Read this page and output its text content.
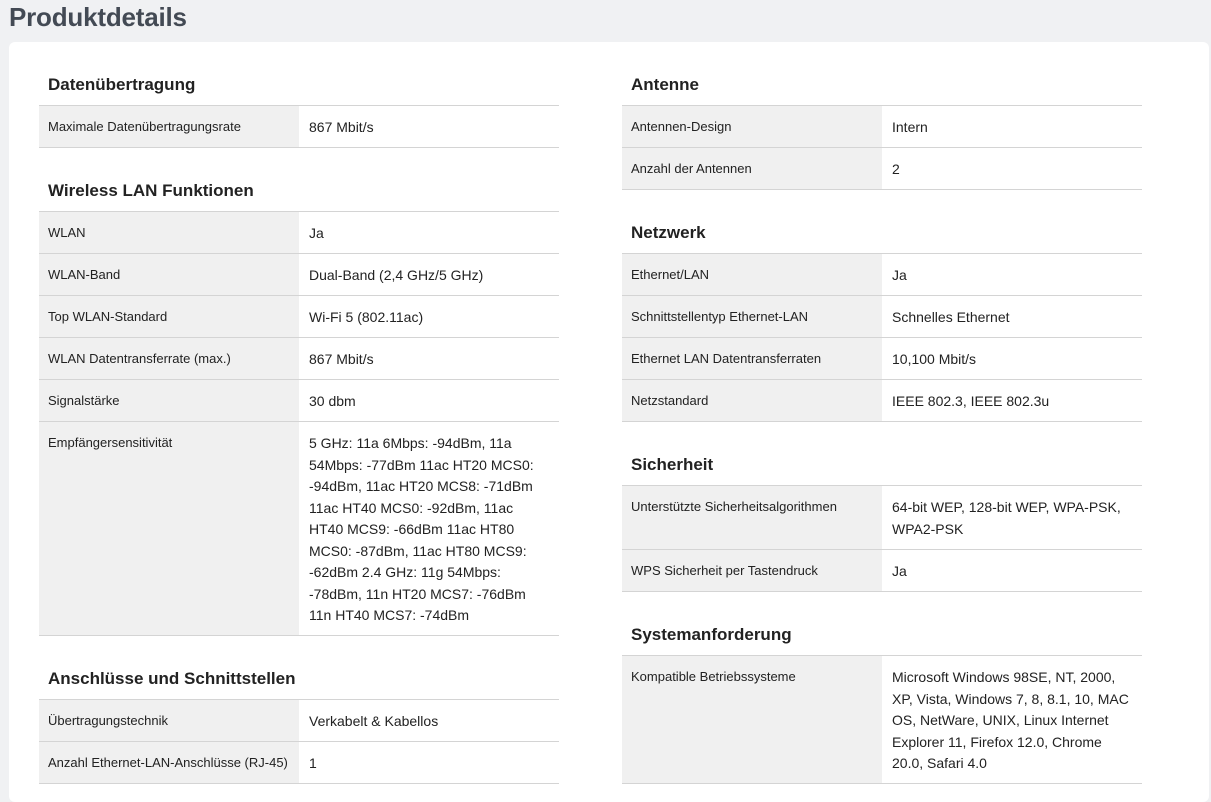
Produktdetails
Datenübertragung
Maximale Datenübertragungsrate	867 Mbit/s
Wireless LAN Funktionen
WLAN	Ja
WLAN-Band	Dual-Band (2,4 GHz/5 GHz)
Top WLAN-Standard	Wi-Fi 5 (802.11ac)
WLAN Datentransferrate (max.)	867 Mbit/s
Signalstärke	30 dbm
Empfängersensitivität	5 GHz: 11a 6Mbps: -94dBm, 11a 54Mbps: -77dBm 11ac HT20 MCS0: -94dBm, 11ac HT20 MCS8: -71dBm 11ac HT40 MCS0: -92dBm, 11ac HT40 MCS9: -66dBm 11ac HT80 MCS0: -87dBm, 11ac HT80 MCS9: -62dBm 2.4 GHz: 11g 54Mbps: -78dBm, 11n HT20 MCS7: -76dBm 11n HT40 MCS7: -74dBm
Anschlüsse und Schnittstellen
Übertragungstechnik	Verkabelt & Kabellos
Anzahl Ethernet-LAN-Anschlüsse (RJ-45)	1
Antenne
Antennen-Design	Intern
Anzahl der Antennen	2
Netzwerk
Ethernet/LAN	Ja
Schnittstellentyp Ethernet-LAN	Schnelles Ethernet
Ethernet LAN Datentransferraten	10,100 Mbit/s
Netzstandard	IEEE 802.3, IEEE 802.3u
Sicherheit
Unterstützte Sicherheitsalgorithmen	64-bit WEP, 128-bit WEP, WPA-PSK, WPA2-PSK
WPS Sicherheit per Tastendruck	Ja
Systemanforderung
Kompatible Betriebssysteme	Microsoft Windows 98SE, NT, 2000, XP, Vista, Windows 7, 8, 8.1, 10, MAC OS, NetWare, UNIX, Linux Internet Explorer 11, Firefox 12.0, Chrome 20.0, Safari 4.0
